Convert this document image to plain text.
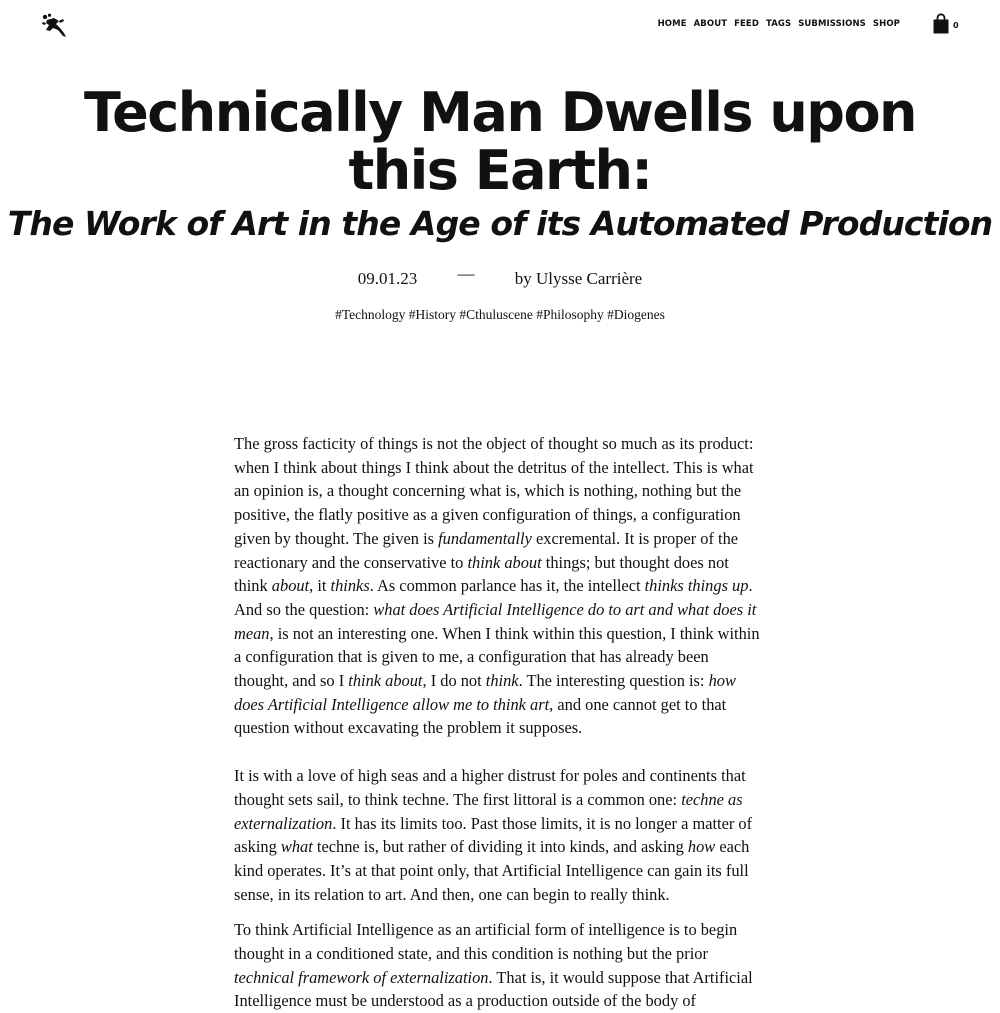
HOME ABOUT FEED TAGS SUBMISSIONS SHOP	0
Technically Man Dwells upon this Earth:
The Work of Art in the Age of its Automated Production
09.01.23 — by Ulysse Carrière
#Technology #History #Cthuluscene #Philosophy #Diogenes

The gross facticity of things is not the object of thought so much as its product: when I think about things I think about the detritus of the intellect. This is what an opinion is, a thought concerning what is, which is nothing, nothing but the positive, the flatly positive as a given configuration of things, a configuration given by thought. The given is fundamentally excremental. It is proper of the reactionary and the conservative to think about things; but thought does not think about, it thinks. As common parlance has it, the intellect thinks things up. And so the question: what does Artificial Intelligence do to art and what does it mean, is not an interesting one. When I think within this question, I think within a configuration that is given to me, a configuration that has already been thought, and so I think about, I do not think. The interesting question is: how does Artificial Intelligence allow me to think art, and one cannot get to that question without excavating the problem it supposes.

It is with a love of high seas and a higher distrust for poles and continents that thought sets sail, to think techne. The first littoral is a common one: techne as externalization. It has its limits too. Past those limits, it is no longer a matter of asking what techne is, but rather of dividing it into kinds, and asking how each kind operates. It’s at that point only, that Artificial Intelligence can gain its full sense, in its relation to art. And then, one can begin to really think.

To think Artificial Intelligence as an artificial form of intelligence is to begin thought in a conditioned state, and this condition is nothing but the prior technical framework of externalization. That is, it would suppose that Artificial Intelligence must be understood as a production outside of the body of
